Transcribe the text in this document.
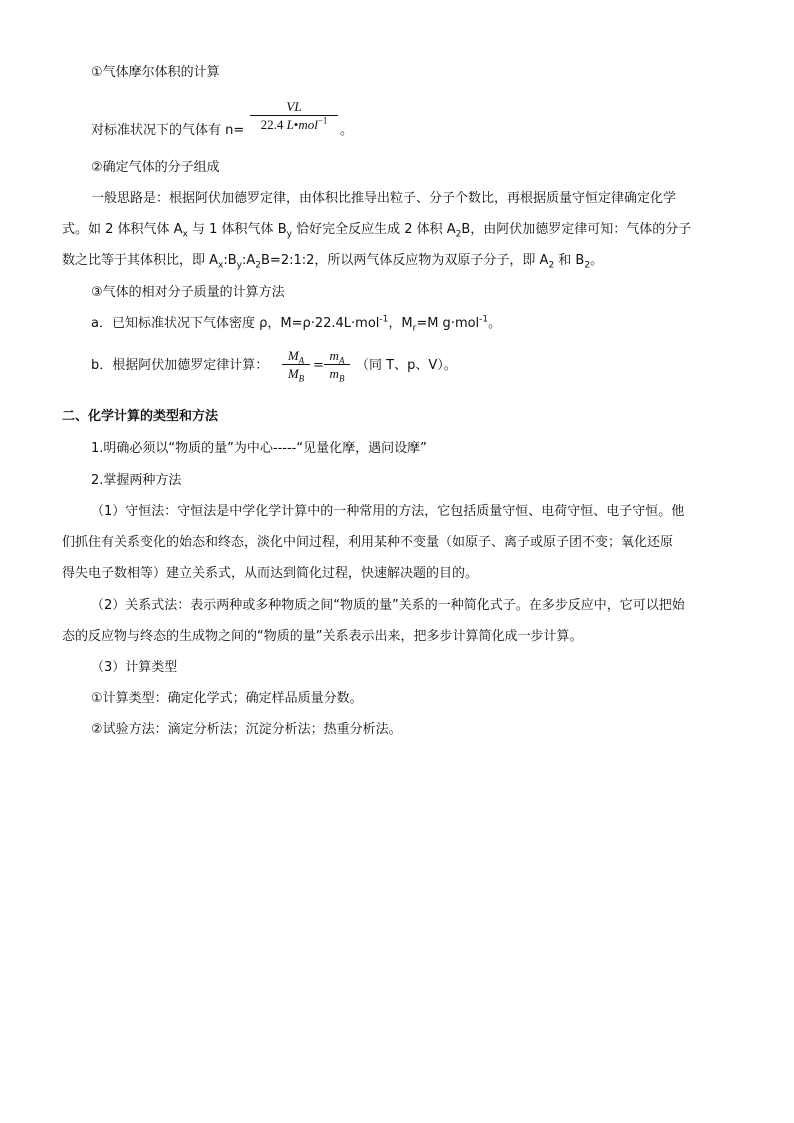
①气体摩尔体积的计算
VL
22.4 L•mol$^{-1}$
对标准状况下的气体有 n=	。
②确定气体的分子组成
一般思路是：根据阿伏加德罗定律，由体积比推导出粒子、分子个数比，再根据质量守恒定律确定化学
式。如 2 体积气体 $A_x$ 与 1 体积气体 $B_y$ 恰好完全反应生成 2 体积 $A_2B$，由阿伏加德罗定律可知：气体的分子
数之比等于其体积比，即 $A_x:B_y:A_2B=2:1:2$，所以两气体反应物为双原子分子，即 $A_2$ 和 $B_2$。
③气体的相对分子质量的计算方法
a．已知标准状况下气体密度 ρ，M=ρ·22.4L·mol$^{-1}$，$M_r=M$ g·mol$^{-1}$。
b．根据阿伏加德罗定律计算：
$M_A$
$M_B$
=
$m_A$
$m_B$
（同 T、p、V）。
二、化学计算的类型和方法
1.明确必须以“物质的量”为中心-----“见量化摩，遇问设摩”
2.掌握两种方法
（1）守恒法：守恒法是中学化学计算中的一种常用的方法，它包括质量守恒、电荷守恒、电子守恒。他
们抓住有关系变化的始态和终态，淡化中间过程，利用某种不变量（如原子、离子或原子团不变；氧化还原
得失电子数相等）建立关系式，从而达到简化过程，快速解决题的目的。
（2）关系式法：表示两种或多种物质之间“物质的量”关系的一种简化式子。在多步反应中，它可以把始
态的反应物与终态的生成物之间的“物质的量”关系表示出来，把多步计算简化成一步计算。
（3）计算类型
①计算类型：确定化学式；确定样品质量分数。
②试验方法：滴定分析法；沉淀分析法；热重分析法。
